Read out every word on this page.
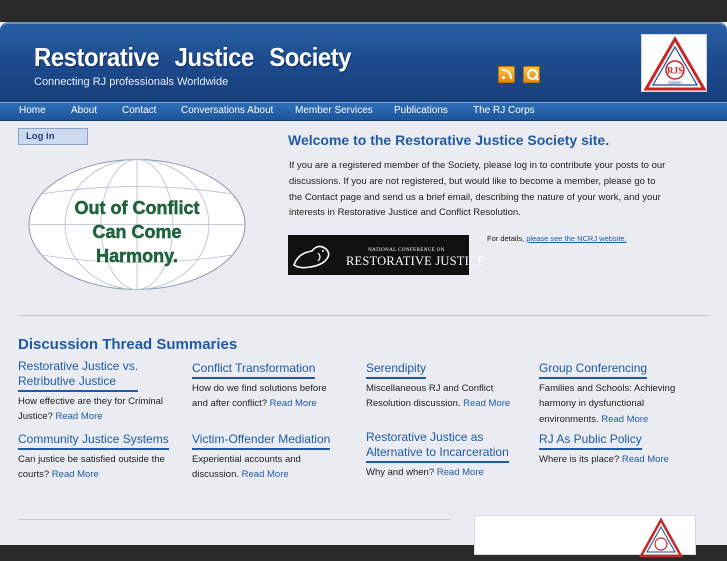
Restorative Justice Society
Connecting RJ professionals Worldwide
RJS
Citizen
Home	About Contact Conversations About Member Services Publications	The RJ Corps
Log in
Out of Conflict
Can Come
Harmony.
Welcome to the Restorative Justice Society site.
If you are a registered member of the Society, please log in to contribute your posts to our discussions. If you are not registered, but would like to become a member, please go to the Contact page and send us a brief email, describing the nature of your work, and your interests in Restorative Justice and Conflict Resolution.
NATIONAL CONFERENCE ON
RESTORATIVE JUSTICE
For details, please see the NCRJ website.
Discussion Thread Summaries
Restorative Justice vs.
Retributive Justice
How effective are they for Criminal Justice? Read More
Conflict Transformation
How do we find solutions before and after conflict? Read More
Serendipity
Miscellaneous RJ and Conflict Resolution discussion. Read More
Group Conferencing
Families and Schools: Achieving harmony in dysfunctional environments. Read More
Community Justice Systems
Can justice be satisfied outside the courts? Read More
Victim-Offender Mediation
Experiential accounts and discussion. Read More
Restorative Justice as
Alternative to Incarceration
Why and when? Read More
RJ As Public Policy
Where is its place? Read More
